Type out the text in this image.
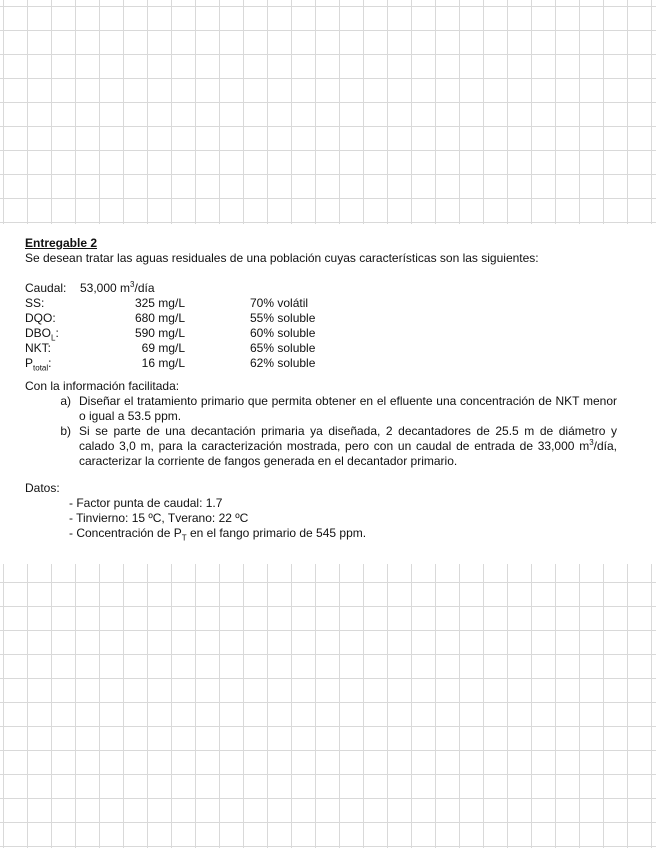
Entregable 2
Se desean tratar las aguas residuales de una población cuyas características son las siguientes:
Caudal:	53,000 $m^3$/día
SS:	325 mg/L	70% volátil
DQO:	680 mg/L	55% soluble
$DBO_L$:	590 mg/L	60% soluble
NKT:	69 mg/L	65% soluble
$P_{total}$:	16 mg/L	62% soluble
Con la información facilitada:
a) Diseñar el tratamiento primario que permita obtener en el efluente una concentración de NKT menor o igual a 53.5 ppm.
b) Si se parte de una decantación primaria ya diseñada, 2 decantadores de 25.5 m de diámetro y calado 3,0 m, para la caracterización mostrada, pero con un caudal de entrada de 33,000 $m^3$/día, caracterizar la corriente de fangos generada en el decantador primario.
Datos:
- Factor punta de caudal: 1.7
- Tinvierno: 15 ºC, Tverano: 22 ºC
- Concentración de $P_T$ en el fango primario de 545 ppm.
